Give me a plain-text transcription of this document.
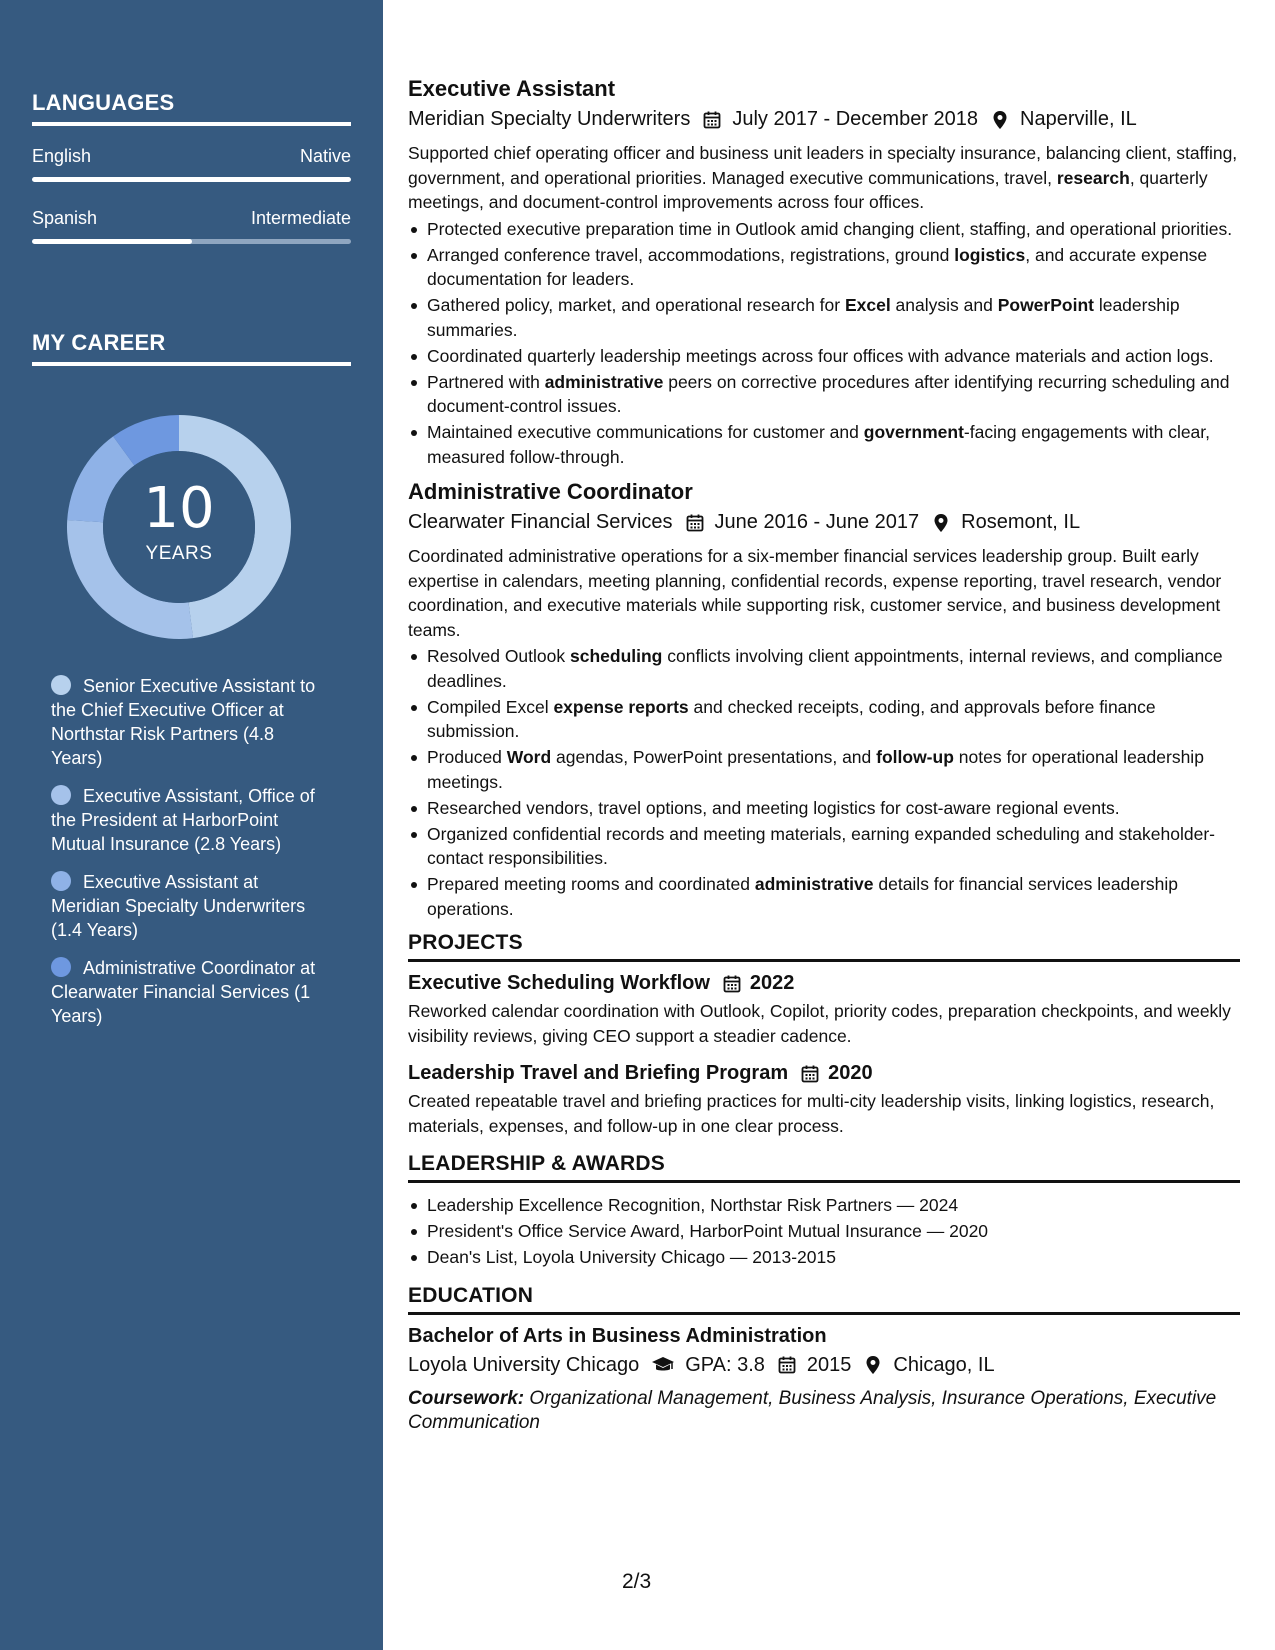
LANGUAGES
English	Native
Spanish	Intermediate
MY CAREER
10
YEARS
Senior Executive Assistant to the Chief Executive Officer at Northstar Risk Partners (4.8 Years)
Executive Assistant, Office of the President at HarborPoint Mutual Insurance (2.8 Years)
Executive Assistant at Meridian Specialty Underwriters (1.4 Years)
Administrative Coordinator at Clearwater Financial Services (1 Years)
Executive Assistant
Meridian Specialty Underwriters July 2017 - December 2018 Naperville, IL
Supported chief operating officer and business unit leaders in specialty insurance, balancing client, staffing, government, and operational priorities. Managed executive communications, travel, research, quarterly meetings, and document-control improvements across four offices.
Protected executive preparation time in Outlook amid changing client, staffing, and operational priorities.
Arranged conference travel, accommodations, registrations, ground logistics, and accurate expense documentation for leaders.
Gathered policy, market, and operational research for Excel analysis and PowerPoint leadership summaries.
Coordinated quarterly leadership meetings across four offices with advance materials and action logs.
Partnered with administrative peers on corrective procedures after identifying recurring scheduling and document-control issues.
Maintained executive communications for customer and government-facing engagements with clear, measured follow-through.
Administrative Coordinator
Clearwater Financial Services June 2016 - June 2017 Rosemont, IL
Coordinated administrative operations for a six-member financial services leadership group. Built early expertise in calendars, meeting planning, confidential records, expense reporting, travel research, vendor coordination, and executive materials while supporting risk, customer service, and business development teams.
Resolved Outlook scheduling conflicts involving client appointments, internal reviews, and compliance deadlines.
Compiled Excel expense reports and checked receipts, coding, and approvals before finance submission.
Produced Word agendas, PowerPoint presentations, and follow-up notes for operational leadership meetings.
Researched vendors, travel options, and meeting logistics for cost-aware regional events.
Organized confidential records and meeting materials, earning expanded scheduling and stakeholder-contact responsibilities.
Prepared meeting rooms and coordinated administrative details for financial services leadership operations.
PROJECTS
Executive Scheduling Workflow 2022
Reworked calendar coordination with Outlook, Copilot, priority codes, preparation checkpoints, and weekly visibility reviews, giving CEO support a steadier cadence.
Leadership Travel and Briefing Program 2020
Created repeatable travel and briefing practices for multi-city leadership visits, linking logistics, research, materials, expenses, and follow-up in one clear process.
LEADERSHIP & AWARDS
Leadership Excellence Recognition, Northstar Risk Partners — 2024
President's Office Service Award, HarborPoint Mutual Insurance — 2020
Dean's List, Loyola University Chicago — 2013-2015
EDUCATION
Bachelor of Arts in Business Administration
Loyola University Chicago GPA: 3.8 2015 Chicago, IL
Coursework: Organizational Management, Business Analysis, Insurance Operations, Executive Communication
2/3
